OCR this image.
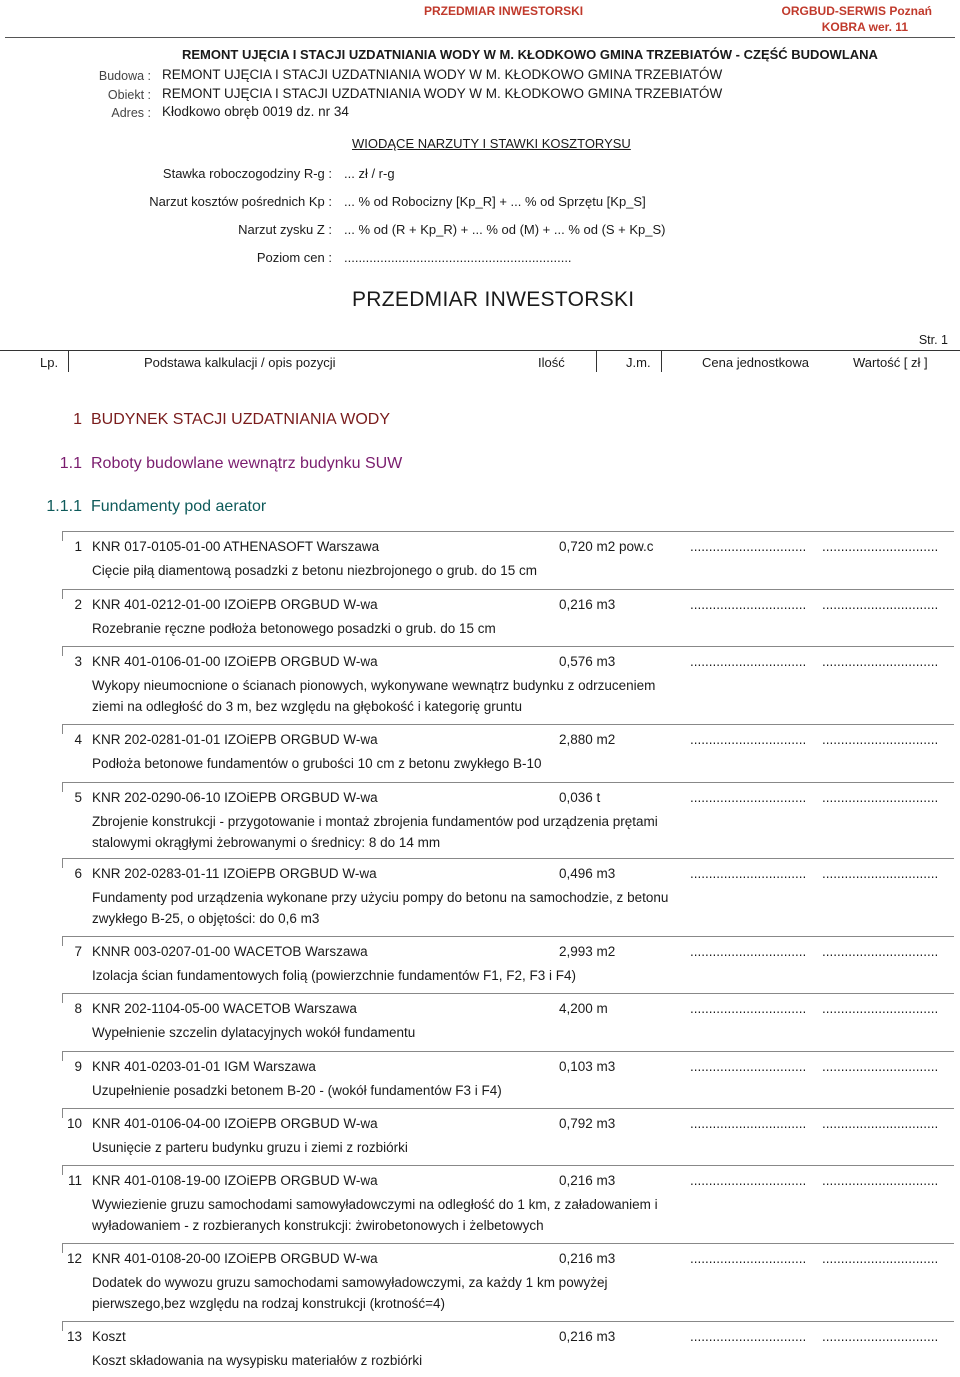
PRZEDMIAR INWESTORSKI	ORGBUD-SERWIS Poznań
KOBRA wer. 11
REMONT UJĘCIA I STACJI UZDATNIANIA WODY W M. KŁODKOWO GMINA TRZEBIATÓW - CZĘŚĆ BUDOWLANA
Budowa : REMONT UJĘCIA I STACJI UZDATNIANIA WODY W M. KŁODKOWO GMINA TRZEBIATÓW
Obiekt : REMONT UJĘCIA I STACJI UZDATNIANIA WODY W M. KŁODKOWO GMINA TRZEBIATÓW
Adres : Kłodkowo obręb 0019 dz. nr 34
WIODĄCE NARZUTY I STAWKI KOSZTORYSU
Stawka roboczogodziny R-g : ... zł / r-g
Narzut kosztów pośrednich Kp : ... % od Robocizny [Kp_R] + ... % od Sprzętu [Kp_S]
Narzut zysku Z : ... % od (R + Kp_R) + ... % od (M) + ... % od (S + Kp_S)
Poziom cen : ...............................................................
PRZEDMIAR INWESTORSKI
Str. 1
Lp.	Podstawa kalkulacji / opis pozycji	Ilość	J.m.	Cena jednostkowa	Wartość [ zł ]
1 BUDYNEK STACJI UZDATNIANIA WODY
1.1 Roboty budowlane wewnątrz budynku SUW
1.1.1 Fundamenty pod aerator
1 KNR 017-0105-01-00 ATHENASOFT Warszawa	0,720 m2 pow.c	............................... ...............................
Cięcie piłą diamentową posadzki z betonu niezbrojonego o grub. do 15 cm
2 KNR 401-0212-01-00 IZOiEPB ORGBUD W-wa	0,216 m3	............................... ...............................
Rozebranie ręczne podłoża betonowego posadzki o grub. do 15 cm
3 KNR 401-0106-01-00 IZOiEPB ORGBUD W-wa	0,576 m3	............................... ...............................
Wykopy nieumocnione o ścianach pionowych, wykonywane wewnątrz budynku z odrzuceniem
ziemi na odległość do 3 m, bez względu na głębokość i kategorię gruntu
4 KNR 202-0281-01-01 IZOiEPB ORGBUD W-wa	2,880 m2	............................... ...............................
Podłoża betonowe fundamentów o grubości 10 cm z betonu zwykłego B-10
5 KNR 202-0290-06-10 IZOiEPB ORGBUD W-wa	0,036 t	............................... ...............................
Zbrojenie konstrukcji - przygotowanie i montaż zbrojenia fundamentów pod urządzenia prętami
stalowymi okrągłymi żebrowanymi o średnicy: 8 do 14 mm
6 KNR 202-0283-01-11 IZOiEPB ORGBUD W-wa	0,496 m3	............................... ...............................
Fundamenty pod urządzenia wykonane przy użyciu pompy do betonu na samochodzie, z betonu
zwykłego B-25, o objętości: do 0,6 m3
7 KNNR 003-0207-01-00 WACETOB Warszawa	2,993 m2	............................... ...............................
Izolacja ścian fundamentowych folią (powierzchnie fundamentów F1, F2, F3 i F4)
8 KNR 202-1104-05-00 WACETOB Warszawa	4,200 m	............................... ...............................
Wypełnienie szczelin dylatacyjnych wokół fundamentu
9 KNR 401-0203-01-01 IGM Warszawa	0,103 m3	............................... ...............................
Uzupełnienie posadzki betonem B-20 - (wokół fundamentów F3 i F4)
10 KNR 401-0106-04-00 IZOiEPB ORGBUD W-wa	0,792 m3	............................... ...............................
Usunięcie z parteru budynku gruzu i ziemi z rozbiórki
11 KNR 401-0108-19-00 IZOiEPB ORGBUD W-wa	0,216 m3	............................... ...............................
Wywiezienie gruzu samochodami samowyładowczymi na odległość do 1 km, z załadowaniem i
wyładowaniem - z rozbieranych konstrukcji: żwirobetonowych i żelbetowych
12 KNR 401-0108-20-00 IZOiEPB ORGBUD W-wa	0,216 m3	............................... ...............................
Dodatek do wywozu gruzu samochodami samowyładowczymi, za każdy 1 km powyżej
pierwszego,bez względu na rodzaj konstrukcji (krotność=4)
13 Koszt	0,216 m3	............................... ...............................
Koszt składowania na wysypisku materiałów z rozbiórki
